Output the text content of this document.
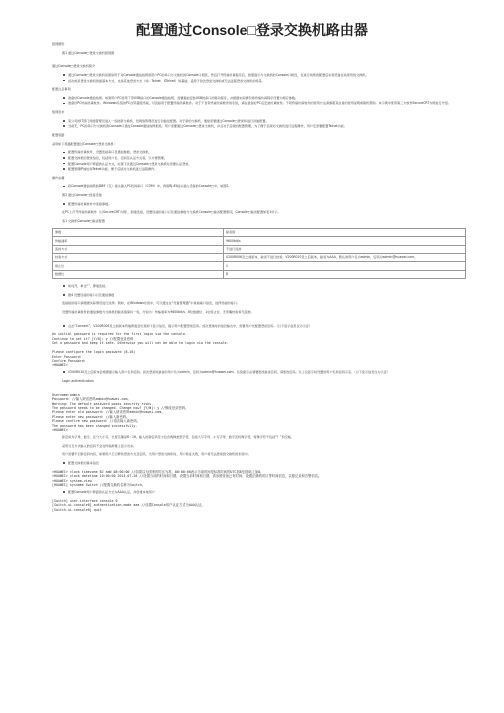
配置通过Console□登录交换机路由器

组网图形

图1 通过Console□登录交换机组网图

通过Console□登录交换机简介

通过Console□登录交换机是最常用于对Console通信线缆将用户PC的串口与交换机的Console口相连，然后打开终端仿真程序后，按照提示与交换机的Console口相连，在进行线缆的配置后实现设备在线使用的交换机。
首次或是登录交换机的最基本方式，也是其他登录方式（如：Telnet、STelnet）的基础。适用于首次登录交换机或无法远程登录交换机的场景。

配置注意事项

准备好Console通信线缆。如果用户PC使用了带USB接口的Console通信线缆，需要提前安装USB转串口的驱动程序，并根据实际情况将终端仿真程序设置为相应参数。
准备好PC终端仿真软件。Windows系统的PC自带超级终端，可直接用于配置终端仿真软件。对于不自带终端仿真软件的系统，请在准备好PC后安装仿真软件。不同终端仿真软件的使用方法请参照其自身的使用说明或联机帮助。本示例中使用第三方软件SecureCRT为例进行介绍。

组网需求

某公司的IT部门网络管理员进入一些批新交换机，给网络管理员进行初始化配置。对于新的交换机，通常需要通过Console□登录和进行初始配置。
当前无，PC的串口与交换机的Console口通过Console通信线缆相连。用户需要通过Console□登录交换机，并且对于后续的配置管理，为了便于后续对交换机进行远程操作，用户还需要配置Telnet功能。

配置思路

采用如下思路配置通过Console□登录交换机：

配置终端仿真软件，设置连接串口及通信参数，登录交换机。
配置交换机的登录信息，包括用户名、密码及认证方式等，以方便管理。
配置Console用户界面的认证方式，实现下次通过Console□登录交换机时需要认证登录。
配置管理IP地址和Telnet功能，便于后续对交换机进行远程操作。

操作步骤

将Console通信线缆的DB9（孔）接头插入PC机的串口（COM）中，再将RJ-45接头插入设备的Console□中，如图2。

图2 通过Console□连接设备

配置终端仿真软件中连接参数。

在PC上打开终端仿真软件（以SecureCRT为例），新建连接，设置连接的接口以及通信参数与交换机Console□缺省配置相同，Console□缺省配置如表1所示。

表1 交换机Console□缺省配置

参数	缺省值
传输速率	9600bit/s
流控方式	不进行流控
校验方式	V200R006及之前版本，缺省不进行校验。V200R010及之后版本，缺省为AAA，默认的用户名为admin，密码为admin@huawei.com。
停止位	1
数据位	8
如何开，单击“”，即建连接。
图4 设置连接的接口以及通信参数

连接接的接口请根据实际情况进行选择。例如，在Windows系统中，可以通过在“设备管理器”中查看端口信息，选择连接的接口。

设置终端仿真软件的通信参数与交换机的缺省值保持一致，分别为：传输速率为9600bit/s、8位数据位、1位停止位、无奇偶校验和无流控。

点击“Connect”，V200R006及之前版本终端界面会出现如下显示信息，提示用户配置登录密码。首次登录时的信息输出中，需要用户先配置登录密码。（以下显示信息仅为示意）
An initial password is required for the first login via the console.
Continue to set it? [Y/N]: y //配置登录密码
Set a password and keep it safe. Otherwise you will not be able to login via the console.

Please configure the login password (8-16)
Enter Password:
Confirm Password:
<HUAWEI>
V200R010及之后版本会根据提示输入用户名和密码。首次登录时缺省的用户名为admin，密码为admin@huawei.com。系统提示必须要更改缺省密码，请更改密码。以上仅显示时设置的用户名和密码示意。（以下显示信息仅为示意）

Login authentication

Username:admin
Password: //输入缺省密码admin@huawei.com。
Warning: The default password poses security risks.
The password needs to be changed. Change now? [Y/N]: y //修改登录密码。
Please enter old password: //输入缺省密码admin@huawei.com。
Please enter new password: //输入新密码。
Please confirm new password: //再次输入新密码。
The password has been changed successfully.
<HUAWEI>

新密码为字母、数字、区分大小写，长度范围是8～16。输入的新密码至少包含两种类型字符，包括大写字母、小写字母、数字及特殊字符，特殊字符不包括“？”和空格。

采用交互方式输入的密码不会在终端屏幕上显示出来。

用户需要牢记新密码内容，如果用户忘记修改登录方式及密码，当用户登录交换机时，用户验证失败，用户将无法登录到交换机的系统中。

配置交换机的基本信息
<HUAWEI> clock timezone BJ add 08:00:00 //如果以为国家的时区为准，08:00:00表示当前时间是标准时间的UTC加8至基础上加8。
<HUAWEI> clock datetime 10:00:00 2014-07-26 //设置当前的时间和日期，设置当前时间和日期，请参照设备已有时间。设置正确的时区等时间信息，以便记录和告警信息。
<HUAWEI> system-view
[HUAWEI] sysname Switch //配置交换机名称为Switch。
配置Console用户界面的认证方式为AAA认证，并创建本地用户
[Switch] user-interface console 0
[Switch-ui-console0] authentication-mode aaa //设置Console用户认证方式为AAA认证。
[Switch-ui-console0] quit
